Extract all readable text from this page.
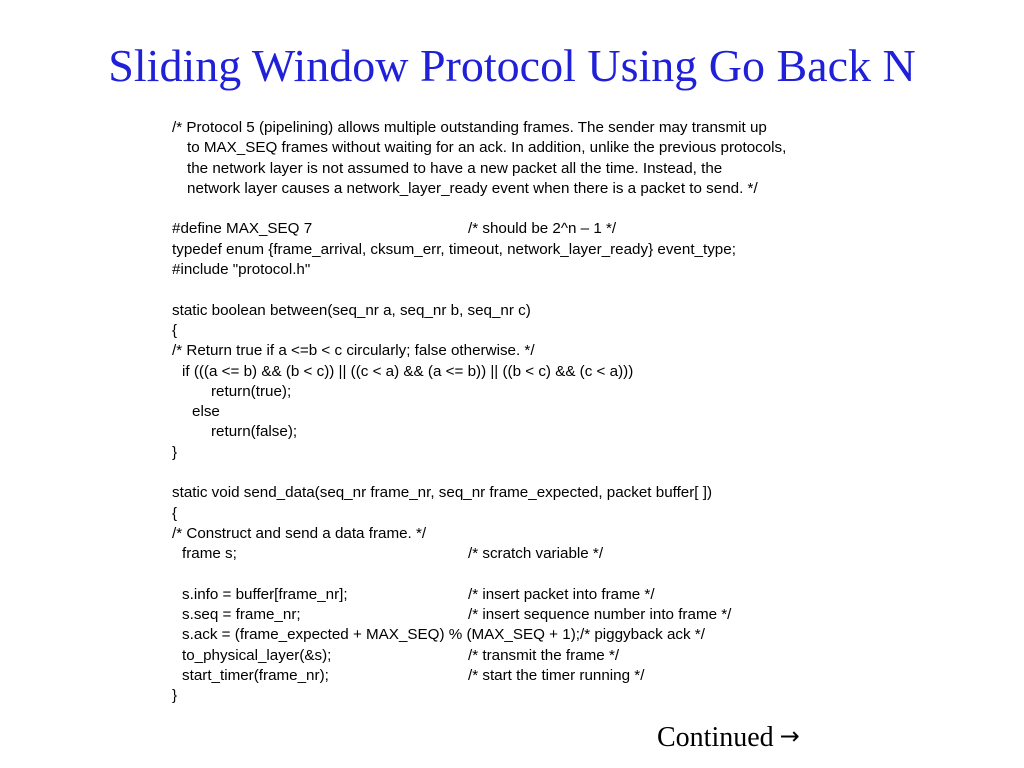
Sliding Window Protocol Using Go Back N
/* Protocol 5 (pipelining) allows multiple outstanding frames. The sender may transmit up
to MAX_SEQ frames without waiting for an ack. In addition, unlike the previous protocols,
the network layer is not assumed to have a new packet all the time. Instead, the
network layer causes a network_layer_ready event when there is a packet to send. */
#define MAX_SEQ 7	/* should be 2^n – 1 */
typedef enum {frame_arrival, cksum_err, timeout, network_layer_ready} event_type;
#include "protocol.h"
static boolean between(seq_nr a, seq_nr b, seq_nr c)
{
/* Return true if a <=b < c circularly; false otherwise. */
if (((a <= b) && (b < c)) || ((c < a) && (a <= b)) || ((b < c) && (c < a)))
return(true);
else
return(false);
}
static void send_data(seq_nr frame_nr, seq_nr frame_expected, packet buffer[ ])
{
/* Construct and send a data frame. */
frame s;	/* scratch variable */
s.info = buffer[frame_nr];	/* insert packet into frame */
s.seq = frame_nr;	/* insert sequence number into frame */
s.ack = (frame_expected + MAX_SEQ) % (MAX_SEQ + 1);/* piggyback ack */
to_physical_layer(&s);	/* transmit the frame */
start_timer(frame_nr);	/* start the timer running */
}
Continued →
